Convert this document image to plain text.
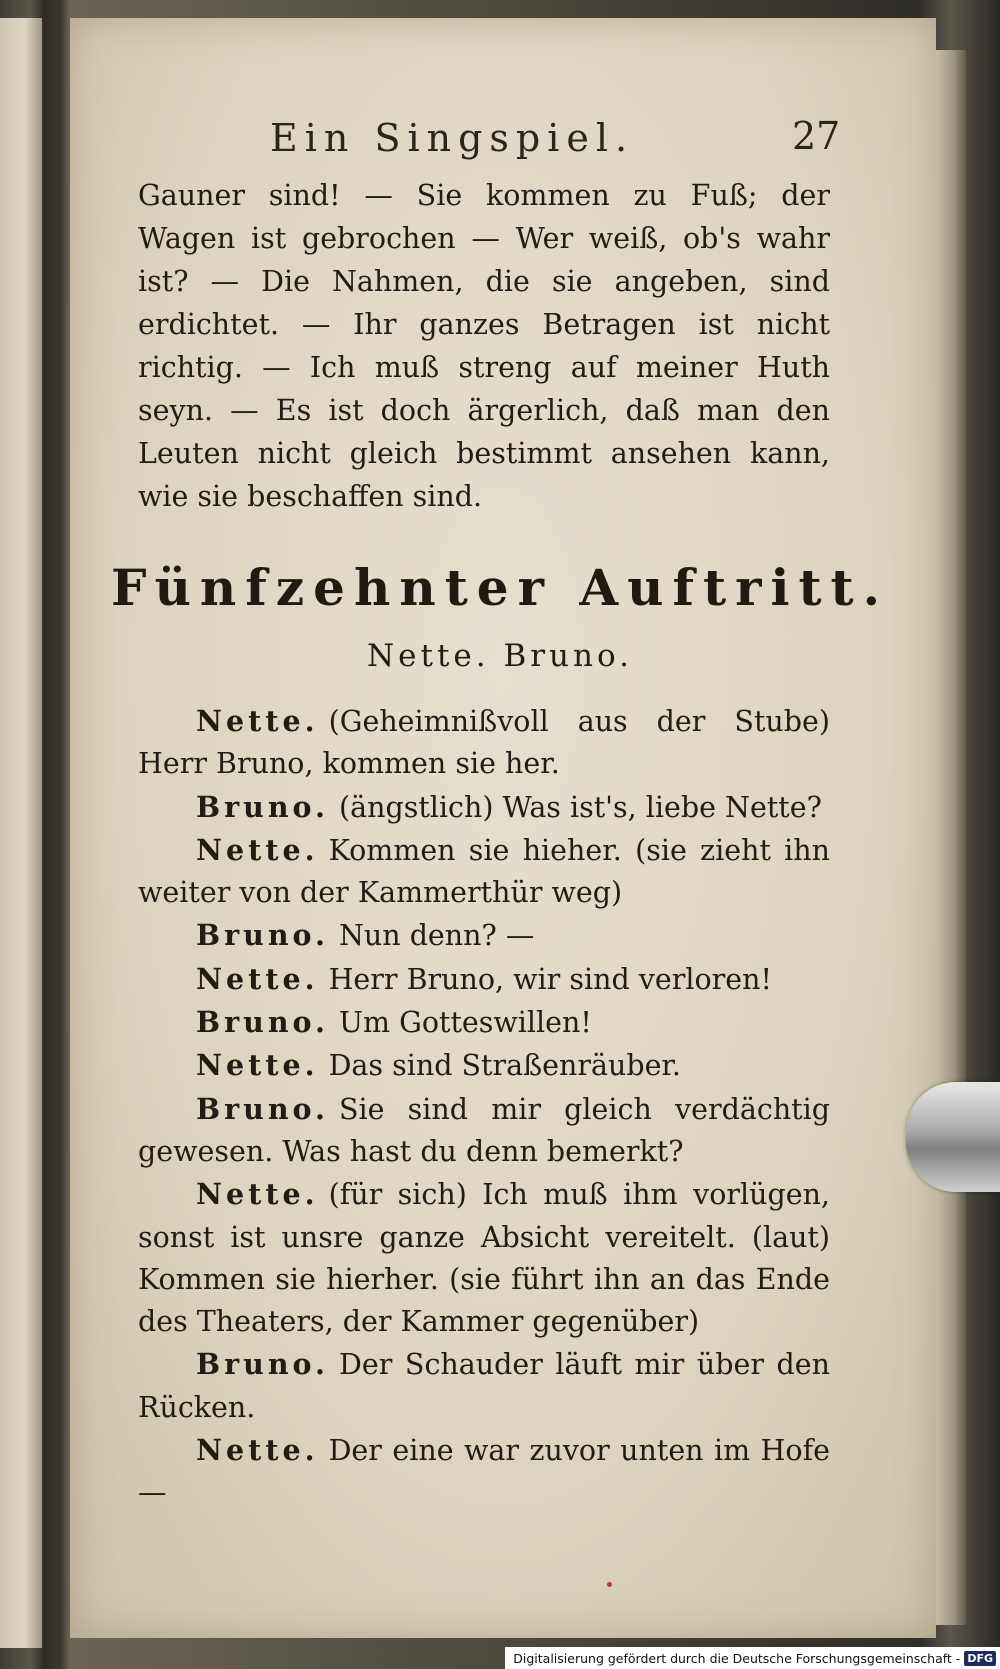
Ein Singspiel.	27
Gauner sind! — Sie kommen zu Fuß; der Wagen ist gebrochen — Wer weiß, ob's wahr ist? — Die Nahmen, die sie angeben, sind erdichtet. — Ihr ganzes Betragen ist nicht richtig. — Ich muß streng auf meiner Huth seyn. — Es ist doch ärgerlich, daß man den Leuten nicht gleich bestimmt ansehen kann, wie sie beschaffen sind.
Fünfzehnter Auftritt.
Nette. Bruno.

Nette. (Geheimnißvoll aus der Stube) Herr Bruno, kommen sie her.

Bruno. (ängstlich) Was ist's, liebe Nette?

Nette. Kommen sie hieher. (sie zieht ihn weiter von der Kammerthür weg)

Bruno. Nun denn? —

Nette. Herr Bruno, wir sind verloren!

Bruno. Um Gotteswillen!

Nette. Das sind Straßenräuber.

Bruno. Sie sind mir gleich verdächtig gewesen. Was hast du denn bemerkt?

Nette. (für sich) Ich muß ihm vorlügen, sonst ist unsre ganze Absicht vereitelt. (laut) Kommen sie hierher. (sie führt ihn an das Ende des Theaters, der Kammer gegenüber)

Bruno. Der Schauder läuft mir über den Rücken.

Nette. Der eine war zuvor unten im Hofe —

Digitalisierung gefördert durch die Deutsche Forschungsgemeinschaft - DFG
